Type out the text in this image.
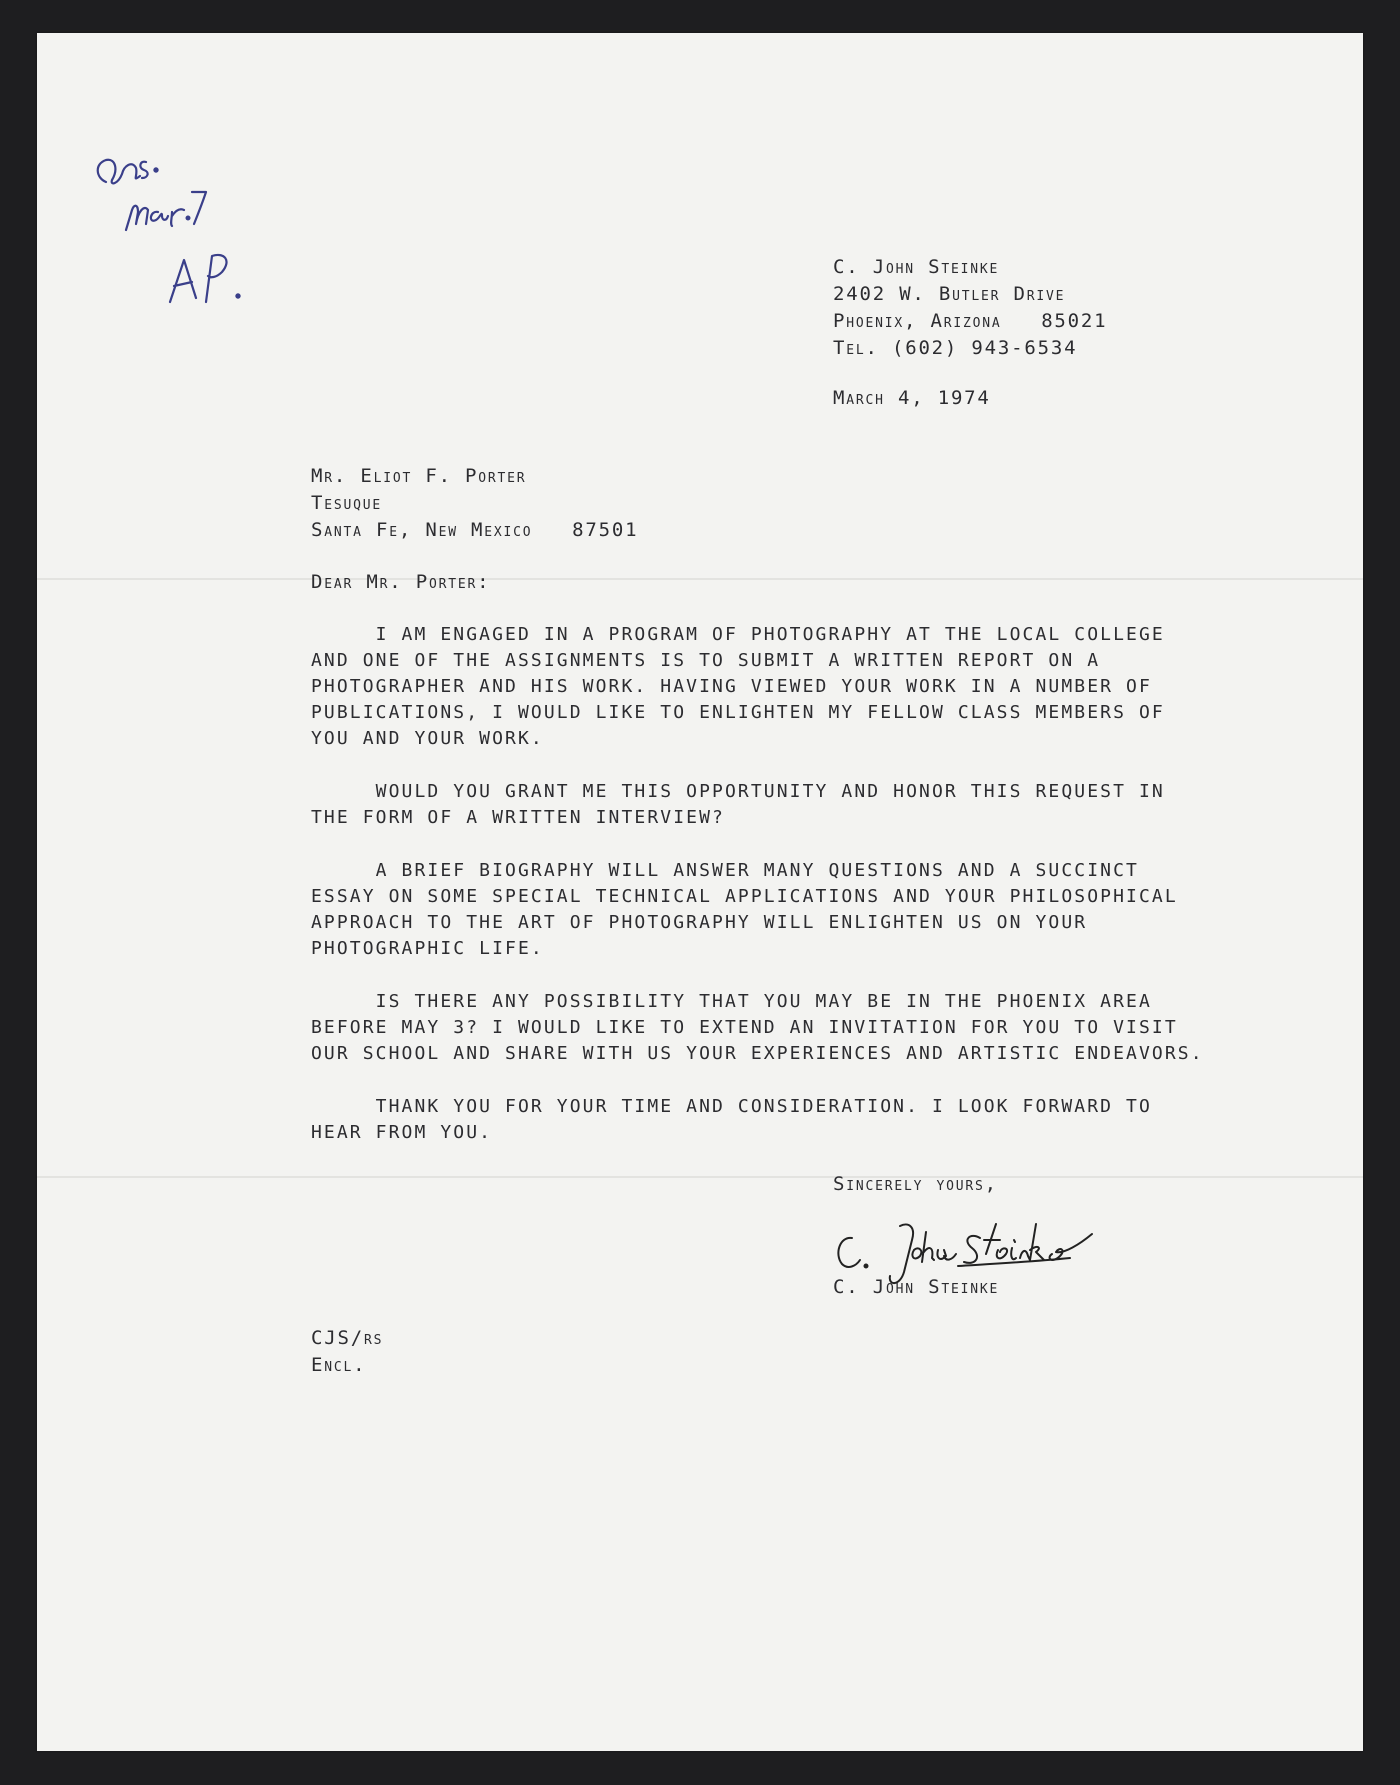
C. John Steinke
2402 W. Butler Drive
Phoenix, Arizona   85021
Tel. (602) 943-6534
March 4, 1974
Mr. Eliot F. Porter
Tesuque
Santa Fe, New Mexico   87501
Dear Mr. Porter:
I AM ENGAGED IN A PROGRAM OF PHOTOGRAPHY AT THE LOCAL COLLEGE
AND ONE OF THE ASSIGNMENTS IS TO SUBMIT A WRITTEN REPORT ON A
PHOTOGRAPHER AND HIS WORK. HAVING VIEWED YOUR WORK IN A NUMBER OF
PUBLICATIONS, I WOULD LIKE TO ENLIGHTEN MY FELLOW CLASS MEMBERS OF
YOU AND YOUR WORK.
WOULD YOU GRANT ME THIS OPPORTUNITY AND HONOR THIS REQUEST IN
THE FORM OF A WRITTEN INTERVIEW?
A BRIEF BIOGRAPHY WILL ANSWER MANY QUESTIONS AND A SUCCINCT
ESSAY ON SOME SPECIAL TECHNICAL APPLICATIONS AND YOUR PHILOSOPHICAL
APPROACH TO THE ART OF PHOTOGRAPHY WILL ENLIGHTEN US ON YOUR
PHOTOGRAPHIC LIFE.
IS THERE ANY POSSIBILITY THAT YOU MAY BE IN THE PHOENIX AREA
BEFORE MAY 3? I WOULD LIKE TO EXTEND AN INVITATION FOR YOU TO VISIT
OUR SCHOOL AND SHARE WITH US YOUR EXPERIENCES AND ARTISTIC ENDEAVORS.
THANK YOU FOR YOUR TIME AND CONSIDERATION. I LOOK FORWARD TO
HEAR FROM YOU.
Sincerely yours,
C. John Steinke
CJS/rs
Encl.
